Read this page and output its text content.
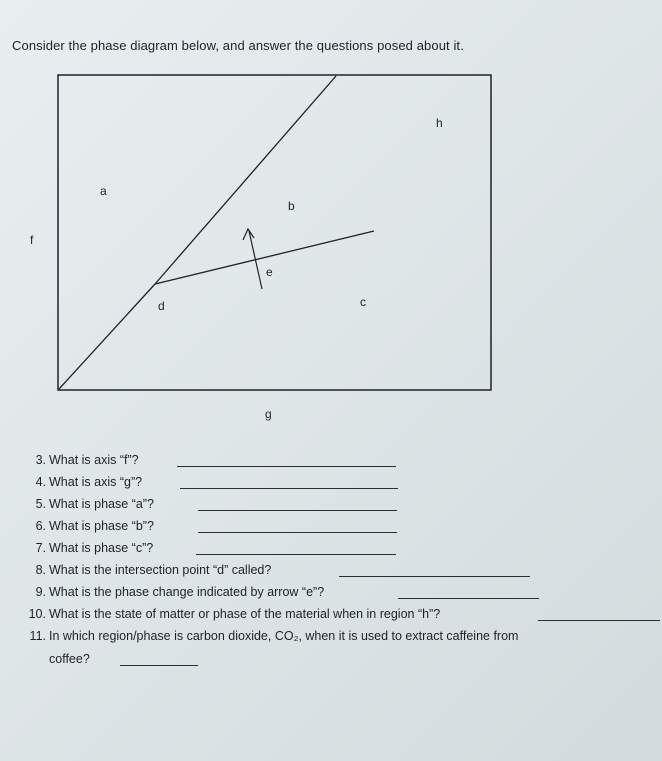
Consider the phase diagram below, and answer the questions posed about it.
a
b
c
d
e
f
g
h
3. What is axis “f”?
4. What is axis “g”?
5. What is phase “a”?
6. What is phase “b”?
7. What is phase “c”?
8. What is the intersection point “d” called?
9. What is the phase change indicated by arrow “e”?
10. What is the state of matter or phase of the material when in region “h”?
11. In which region/phase is carbon dioxide, CO₂, when it is used to extract caffeine from
coffee?
